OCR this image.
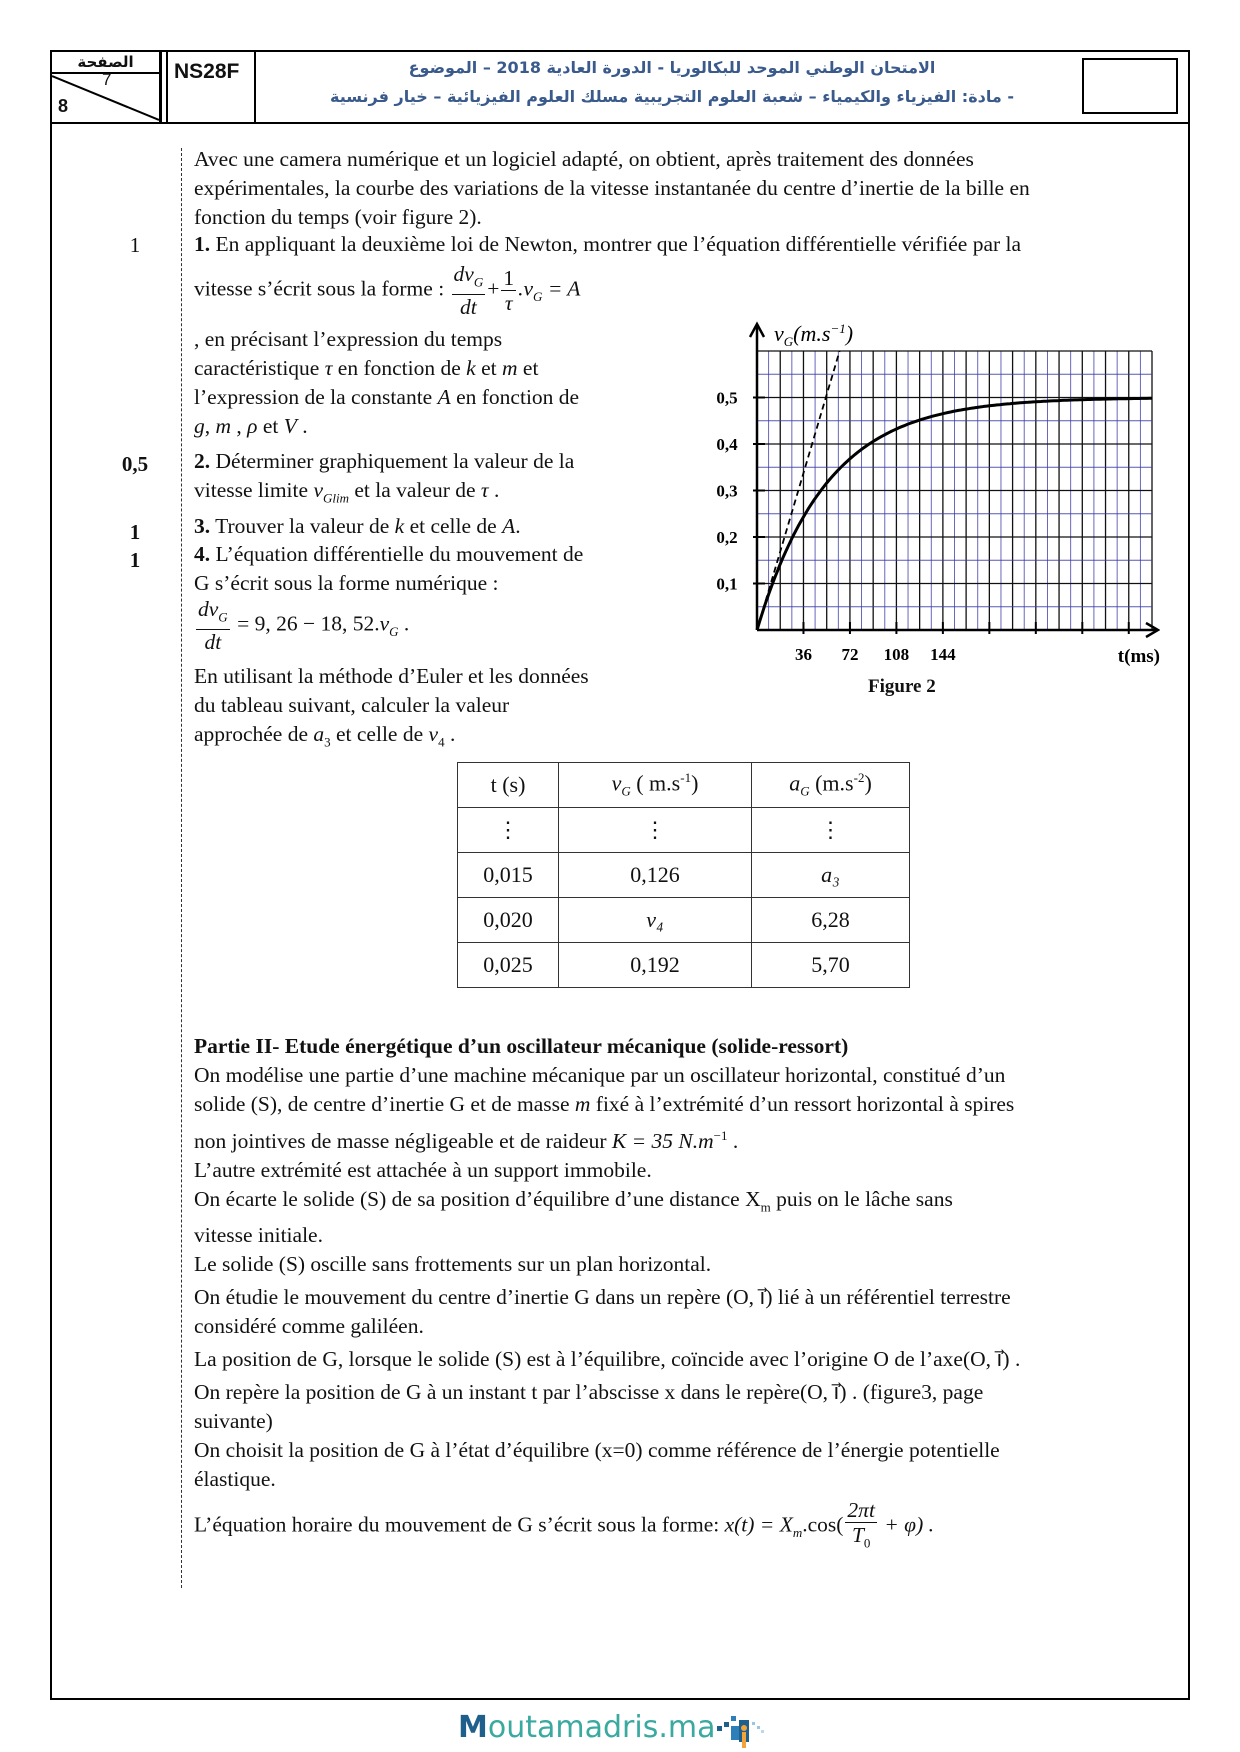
الصفحة
7
8
NS28F	الامتحان الوطني الموحد للبكالوريا - الدورة العادية 2018 – الموضوع
- مادة: الفيزياء والكيمياء – شعبة العلوم التجريبية مسلك العلوم الفيزيائية – خيار فرنسية
1
0,5
1
1
Avec une camera numérique et un logiciel adapté, on obtient, après traitement des données
expérimentales, la courbe des variations de la vitesse instantanée du centre d’inertie de la bille en
fonction du temps (voir figure 2).
1. En appliquant la deuxième loi de Newton, montrer que l’équation différentielle vérifiée par la
vitesse s’écrit sous la forme : $\frac{dv_G}{dt} + \frac{1}{\tau} .v_G = A$
, en précisant l’expression du temps
caractéristique τ en fonction de k et m et
l’expression de la constante A en fonction de
g, m , ρ et V .
2. Déterminer graphiquement la valeur de la
vitesse limite $v_{Glim}$ et la valeur de τ .
3. Trouver la valeur de k et celle de A.
4. L’équation différentielle du mouvement de
G s’écrit sous la forme numérique :
$\frac{dv_G}{dt} = 9$, 26 − 18, $52.v_G$ .
En utilisant la méthode d’Euler et les données
du tableau suivant, calculer la valeur
approchée de $a_3$ et celle de $v_4$ .
0,1
0,2
0,3
0,4
0,5
36 72 108 144	t(ms)
$v_G(m.s^{-1})$
Figure 2
t (s)	$v_G$ ( $m.s^{-1}$)	$a_G$ $(m.s^{-2})$
⋮	⋮	⋮
0,015	0,126	a₃
0,020	v₄	6,28
0,025	0,192	5,70
Partie II- Etude énergétique d’un oscillateur mécanique (solide-ressort)
On modélise une partie d’une machine mécanique par un oscillateur horizontal, constitué d’un
solide (S), de centre d’inertie G et de masse m fixé à l’extrémité d’un ressort horizontal à spires
non jointives de masse négligeable et de raideur K = 35 $N.m^{-1}$ .
L’autre extrémité est attachée à un support immobile.
On écarte le solide (S) de sa position d’équilibre d’une distance $X_m$ puis on le lâche sans
vitesse initiale.
Le solide (S) oscille sans frottements sur un plan horizontal.
On étudie le mouvement du centre d’inertie G dans un repère (O, i⃗) lié à un référentiel terrestre
considéré comme galiléen.
La position de G, lorsque le solide (S) est à l’équilibre, coïncide avec l’origine O de l’axe(O, i⃗) .
On repère la position de G à un instant t par l’abscisse x dans le repère(O, i⃗) . (figure3, page
suivante)
On choisit la position de G à l’état d’équilibre (x=0) comme référence de l’énergie potentielle
élastique.
L’équation horaire du mouvement de G s’écrit sous la forme: $x(t) = X_m.\cos( \frac{2\pi t}{T_0} + \varphi)$ .
Moutamadris.ma
